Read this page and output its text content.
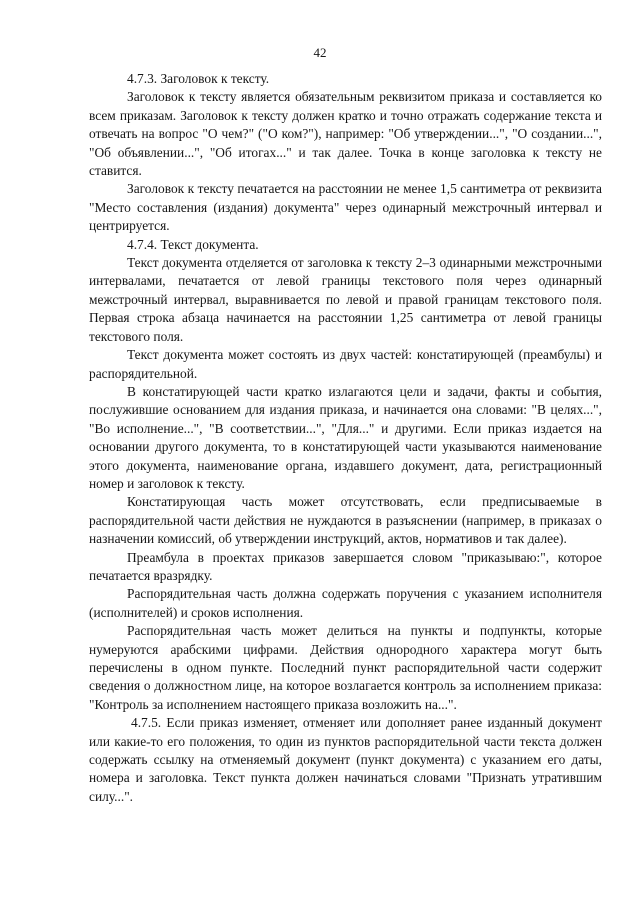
42

4.7.3. Заголовок к тексту.

Заголовок к тексту является обязательным реквизитом приказа и составляется ко всем приказам. Заголовок к тексту должен кратко и точно отражать содержание текста и отвечать на вопрос "О чем?" ("О ком?"), например: "Об утверждении...", "О создании...", "Об объявлении...", "Об итогах..." и так далее. Точка в конце заголовка к тексту не ставится.

Заголовок к тексту печатается на расстоянии не менее 1,5 сантиметра от реквизита "Место составления (издания) документа" через одинарный межстрочный интервал и центрируется.

4.7.4. Текст документа.

Текст документа отделяется от заголовка к тексту 2–3 одинарными межстрочными интервалами, печатается от левой границы текстового поля через одинарный межстрочный интервал, выравнивается по левой и правой границам текстового поля. Первая строка абзаца начинается на расстоянии 1,25 сантиметра от левой границы текстового поля.

Текст документа может состоять из двух частей: констатирующей (преамбулы) и распорядительной.

В констатирующей части кратко излагаются цели и задачи, факты и события, послужившие основанием для издания приказа, и начинается она словами: "В целях...", "Во исполнение...", "В соответствии...", "Для..." и другими. Если приказ издается на основании другого документа, то в констатирующей части указываются наименование этого документа, наименование органа, издавшего документ, дата, регистрационный номер и заголовок к тексту.

Констатирующая часть может отсутствовать, если предписываемые в распорядительной части действия не нуждаются в разъяснении (например, в приказах о назначении комиссий, об утверждении инструкций, актов, нормативов и так далее).

Преамбула в проектах приказов завершается словом "приказываю:", которое печатается вразрядку.

Распорядительная часть должна содержать поручения с указанием исполнителя (исполнителей) и сроков исполнения.

Распорядительная часть может делиться на пункты и подпункты, которые нумеруются арабскими цифрами. Действия однородного характера могут быть перечислены в одном пункте. Последний пункт распорядительной части содержит сведения о должностном лице, на которое возлагается контроль за исполнением приказа: "Контроль за исполнением настоящего приказа возложить на...".

4.7.5. Если приказ изменяет, отменяет или дополняет ранее изданный документ или какие-то его положения, то один из пунктов распорядительной части текста должен содержать ссылку на отменяемый документ (пункт документа) с указанием его даты, номера и заголовка. Текст пункта должен начинаться словами "Признать утратившим силу...".
